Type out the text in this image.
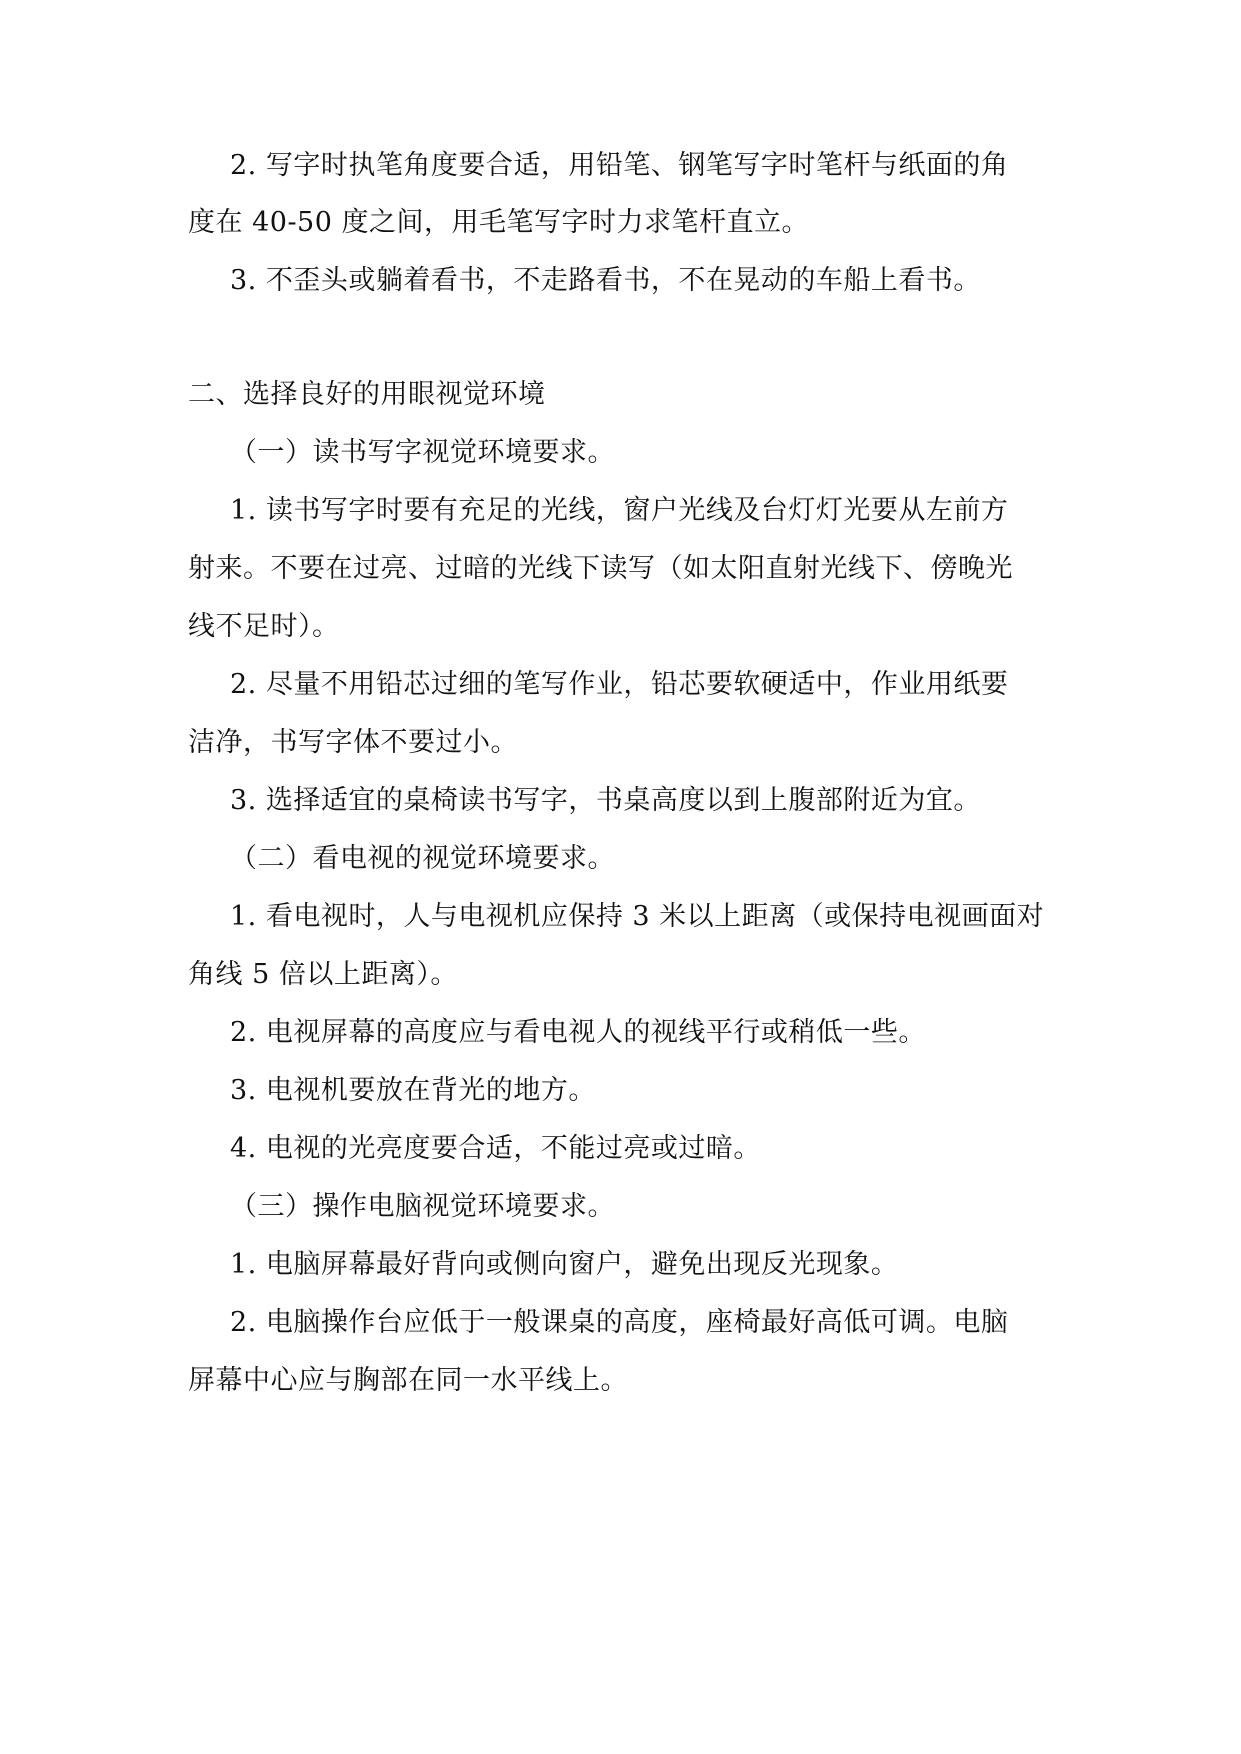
2. 写字时执笔角度要合适，用铅笔、钢笔写字时笔杆与纸面的角
度在 40-50 度之间，用毛笔写字时力求笔杆直立。
3. 不歪头或躺着看书，不走路看书，不在晃动的车船上看书。
二、选择良好的用眼视觉环境
（一）读书写字视觉环境要求。
1. 读书写字时要有充足的光线，窗户光线及台灯灯光要从左前方
射来。不要在过亮、过暗的光线下读写（如太阳直射光线下、傍晚光
线不足时）。
2. 尽量不用铅芯过细的笔写作业，铅芯要软硬适中，作业用纸要
洁净，书写字体不要过小。
3. 选择适宜的桌椅读书写字，书桌高度以到上腹部附近为宜。
（二）看电视的视觉环境要求。
1. 看电视时，人与电视机应保持 3 米以上距离（或保持电视画面对
角线 5 倍以上距离）。
2. 电视屏幕的高度应与看电视人的视线平行或稍低一些。
3. 电视机要放在背光的地方。
4. 电视的光亮度要合适，不能过亮或过暗。
（三）操作电脑视觉环境要求。
1. 电脑屏幕最好背向或侧向窗户，避免出现反光现象。
2. 电脑操作台应低于一般课桌的高度，座椅最好高低可调。电脑
屏幕中心应与胸部在同一水平线上。
